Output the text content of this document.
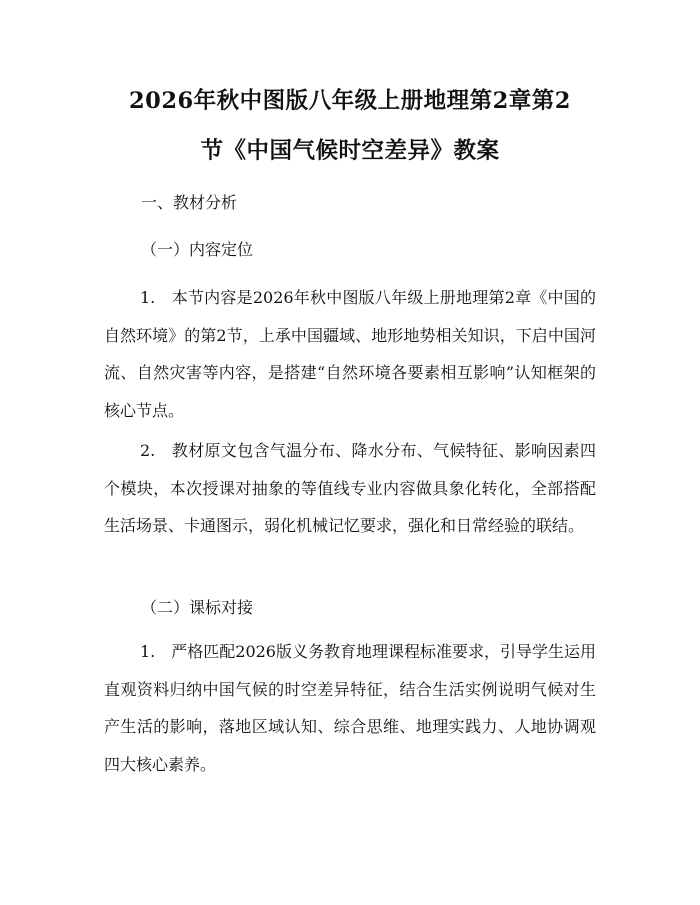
2026年秋中图版八年级上册地理第2章第2
节《中国气候时空差异》教案
一、教材分析
（一）内容定位

1.　本节内容是2026年秋中图版八年级上册地理第2章《中国的自然环境》的第2节，上承中国疆域、地形地势相关知识，下启中国河流、自然灾害等内容，是搭建“自然环境各要素相互影响”认知框架的核心节点。

2.　教材原文包含气温分布、降水分布、气候特征、影响因素四个模块，本次授课对抽象的等值线专业内容做具象化转化，全部搭配生活场景、卡通图示，弱化机械记忆要求，强化和日常经验的联结。

（二）课标对接

1.　严格匹配2026版义务教育地理课程标准要求，引导学生运用直观资料归纳中国气候的时空差异特征，结合生活实例说明气候对生产生活的影响，落地区域认知、综合思维、地理实践力、人地协调观四大核心素养。
